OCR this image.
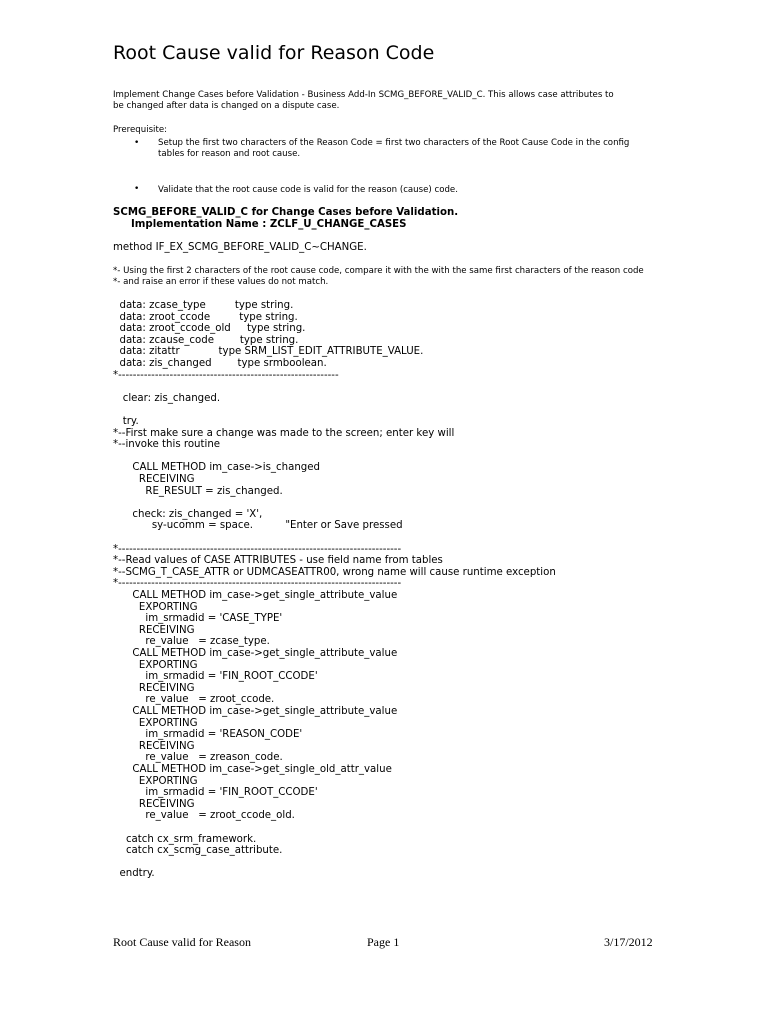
Root Cause valid for Reason Code
Implement Change Cases before Validation - Business Add-In SCMG_BEFORE_VALID_C. This allows case attributes to
be changed after data is changed on a dispute case.
Prerequisite:
• Setup the first two characters of the Reason Code = first two characters of the Root Cause Code in the config
tables for reason and root cause.
• Validate that the root cause code is valid for the reason (cause) code.
SCMG_BEFORE_VALID_C for Change Cases before Validation.
Implementation Name : ZCLF_U_CHANGE_CASES
method IF_EX_SCMG_BEFORE_VALID_C~CHANGE.
*- Using the first 2 characters of the root cause code, compare it with the with the same first characters of the reason code
*- and raise an error if these values do not match.
data: zcase_type         type string.
data: zroot_ccode         type string.
data: zroot_ccode_old     type string.
data: zcause_code        type string.
data: zitattr            type SRM_LIST_EDIT_ATTRIBUTE_VALUE.
data: zis_changed        type srmboolean.
*------------------------------------------------------------
clear: zis_changed.
try.
*--First make sure a change was made to the screen; enter key will
*--invoke this routine
CALL METHOD im_case->is_changed
RECEIVING
RE_RESULT = zis_changed.
check: zis_changed = 'X',
sy-ucomm = space.          "Enter or Save pressed
*-----------------------------------------------------------------------------
*--Read values of CASE ATTRIBUTES - use field name from tables
*--SCMG_T_CASE_ATTR or UDMCASEATTR00, wrong name will cause runtime exception
*-----------------------------------------------------------------------------
CALL METHOD im_case->get_single_attribute_value
EXPORTING
im_srmadid = 'CASE_TYPE'
RECEIVING
re_value   = zcase_type.
CALL METHOD im_case->get_single_attribute_value
EXPORTING
im_srmadid = 'FIN_ROOT_CCODE'
RECEIVING
re_value   = zroot_ccode.
CALL METHOD im_case->get_single_attribute_value
EXPORTING
im_srmadid = 'REASON_CODE'
RECEIVING
re_value   = zreason_code.
CALL METHOD im_case->get_single_old_attr_value
EXPORTING
im_srmadid = 'FIN_ROOT_CCODE'
RECEIVING
re_value   = zroot_ccode_old.
catch cx_srm_framework.
catch cx_scmg_case_attribute.
endtry.
Root Cause valid for Reason	Page 1	3/17/2012
